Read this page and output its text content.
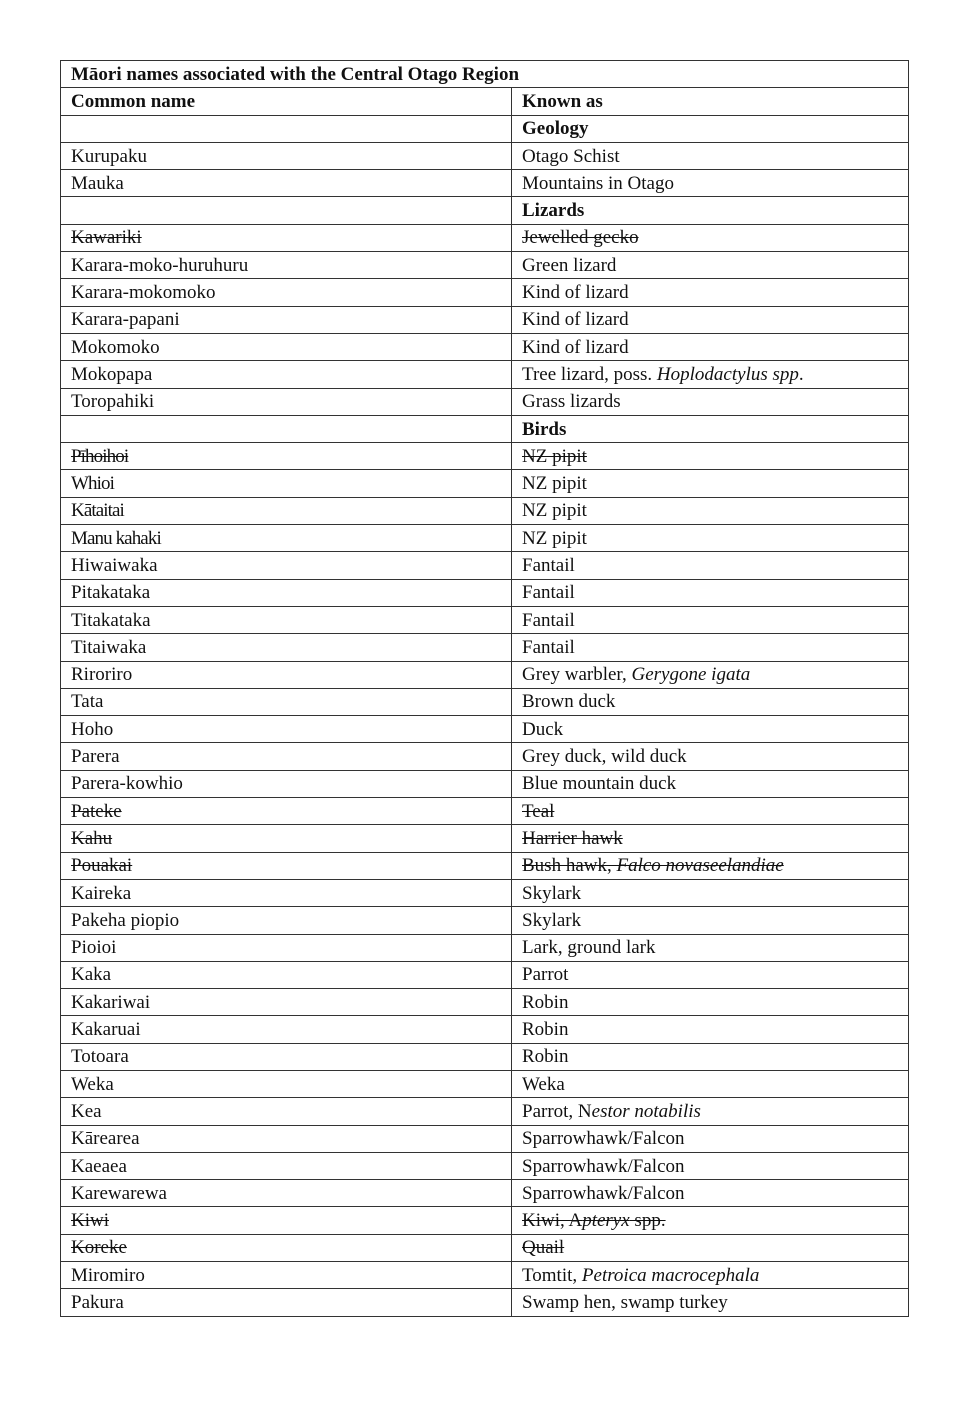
Māori names associated with the Central Otago Region	
Common name	Known as
	Geology
Kurupaku	Otago Schist
Mauka	Mountains in Otago
	Lizards
Kawariki	Jewelled gecko
Karara-moko-huruhuru	Green lizard
Karara-mokomoko	Kind of lizard
Karara-papani	Kind of lizard
Mokomoko	Kind of lizard
Mokopapa	Tree lizard, poss. Hoplodactylus spp.
Toropahiki	Grass lizards
	Birds
Pīhoihoi	NZ pipit
Whioi	NZ pipit
Kātaitai	NZ pipit
Manu kahaki	NZ pipit
Hiwaiwaka	Fantail
Pitakataka	Fantail
Titakataka	Fantail
Titaiwaka	Fantail
Riroriro	Grey warbler, Gerygone igata
Tata	Brown duck
Hoho	Duck
Parera	Grey duck, wild duck
Parera-kowhio	Blue mountain duck
Pateke	Teal
Kahu	Harrier hawk
Pouakai	Bush hawk, Falco novaseelandiae
Kaireka	Skylark
Pakeha piopio	Skylark
Pioioi	Lark, ground lark
Kaka	Parrot
Kakariwai	Robin
Kakaruai	Robin
Totoara	Robin
Weka	Weka
Kea	Parrot, Nestor notabilis
Kārearea	Sparrowhawk/Falcon
Kaeaea	Sparrowhawk/Falcon
Karewarewa	Sparrowhawk/Falcon
Kiwi	Kiwi, Apteryx spp.
Koreke	Quail
Miromiro	Tomtit, Petroica macrocephala
Pakura	Swamp hen, swamp turkey
